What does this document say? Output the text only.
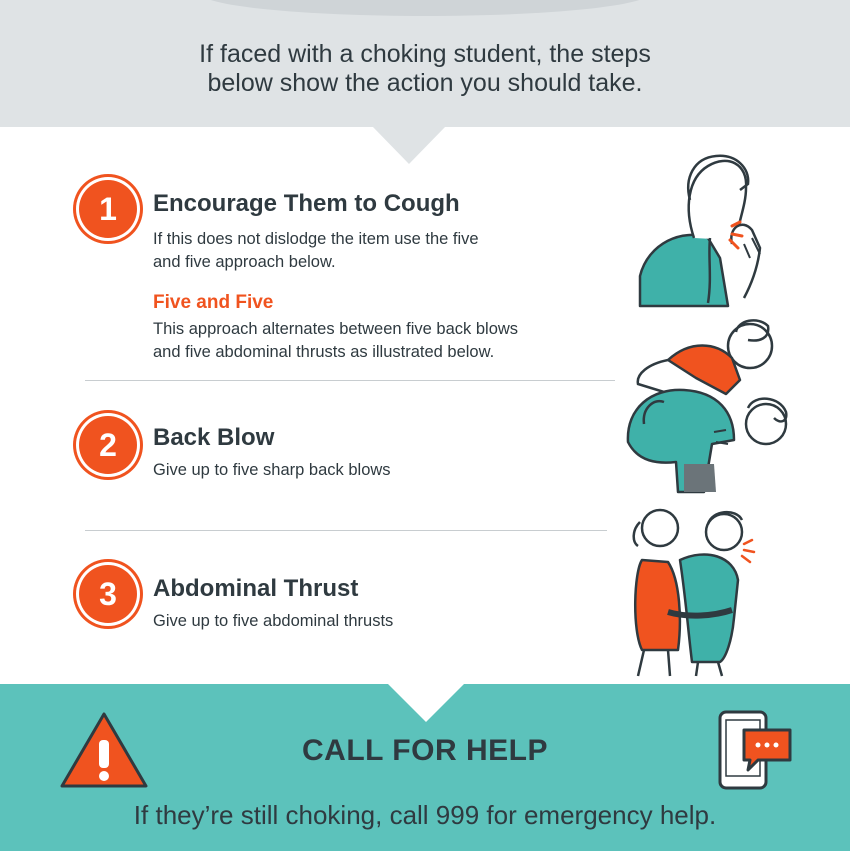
If faced with a choking student, the steps
below show the action you should take.
1	Encourage Them to Cough
If this does not dislodge the item use the five
and five approach below.
Five and Five
This approach alternates between five back blows
and five abdominal thrusts as illustrated below.
2	Back Blow
Give up to five sharp back blows
3	Abdominal Thrust
Give up to five abdominal thrusts
CALL FOR HELP
If they’re still choking, call 999 for emergency help.
